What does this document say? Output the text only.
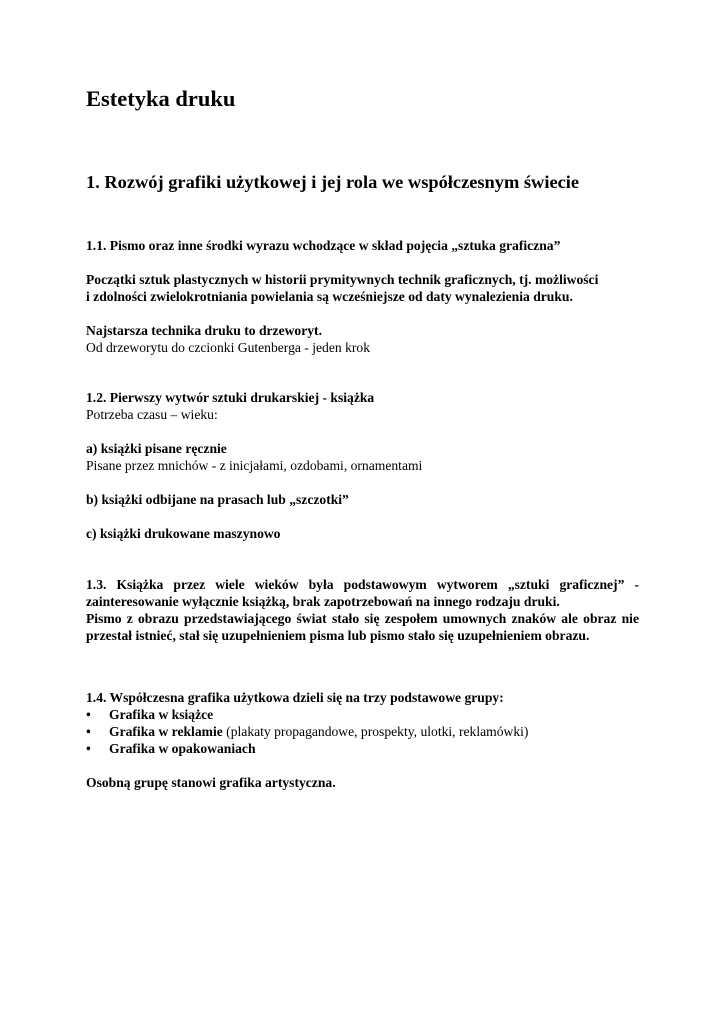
Estetyka druku
1. Rozwój grafiki użytkowej i jej rola we współczesnym świecie
1.1. Pismo oraz inne środki wyrazu wchodzące w skład pojęcia „sztuka graficzna”
Początki sztuk plastycznych w historii prymitywnych technik graficznych, tj. możliwości
i zdolności zwielokrotniania powielania są wcześniejsze od daty wynalezienia druku.
Najstarsza technika druku to drzeworyt.
Od drzeworytu do czcionki Gutenberga - jeden krok
1.2. Pierwszy wytwór sztuki drukarskiej - książka
Potrzeba czasu – wieku:
a) książki pisane ręcznie
Pisane przez mnichów - z inicjałami, ozdobami, ornamentami
b) książki odbijane na prasach lub „szczotki”
c) książki drukowane maszynowo
1.3. Książka przez wiele wieków była podstawowym wytworem „sztuki graficznej” - zainteresowanie wyłącznie książką, brak zapotrzebowań na innego rodzaju druki.
Pismo z obrazu przedstawiającego świat stało się zespołem umownych znaków ale obraz nie przestał istnieć, stał się uzupełnieniem pisma lub pismo stało się uzupełnieniem obrazu.
1.4. Współczesna grafika użytkowa dzieli się na trzy podstawowe grupy:
• Grafika w książce
• Grafika w reklamie (plakaty propagandowe, prospekty, ulotki, reklamówki)
• Grafika w opakowaniach
Osobną grupę stanowi grafika artystyczna.
